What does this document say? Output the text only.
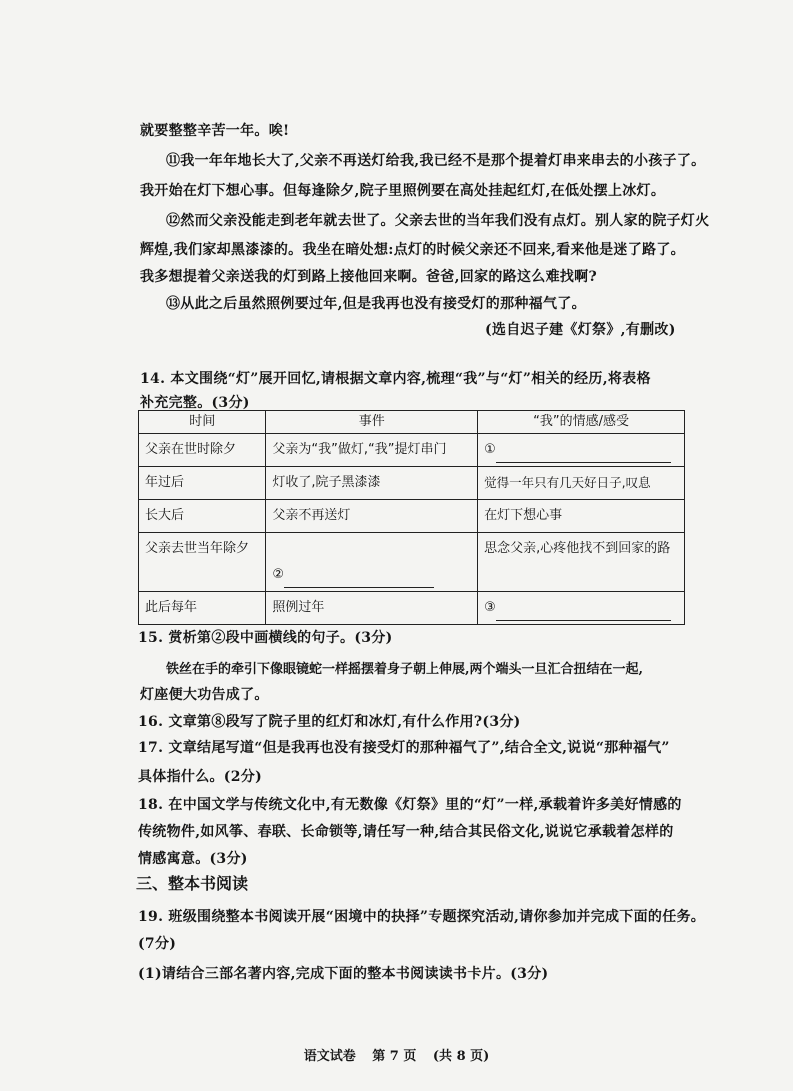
就要整整辛苦一年。唉!
⑪我一年年地长大了,父亲不再送灯给我,我已经不是那个提着灯串来串去的小孩子了。
我开始在灯下想心事。但每逢除夕,院子里照例要在高处挂起红灯,在低处摆上冰灯。
⑫然而父亲没能走到老年就去世了。父亲去世的当年我们没有点灯。别人家的院子灯火
辉煌,我们家却黑漆漆的。我坐在暗处想:点灯的时候父亲还不回来,看来他是迷了路了。
我多想提着父亲送我的灯到路上接他回来啊。爸爸,回家的路这么难找啊?
⑬从此之后虽然照例要过年,但是我再也没有接受灯的那种福气了。
(选自迟子建《灯祭》,有删改)
14. 本文围绕“灯”展开回忆,请根据文章内容,梳理“我”与“灯”相关的经历,将表格
补充完整。(3分)
时间	事件	“我”的情感/感受
父亲在世时除夕	父亲为“我”做灯,“我”提灯串门	①
年过后	灯收了,院子黑漆漆	觉得一年只有几天好日子,叹息
长大后	父亲不再送灯	在灯下想心事
父亲去世当年除夕	②	思念父亲,心疼他找不到回家的路
此后每年	照例过年	③
15. 赏析第②段中画横线的句子。(3分)
铁丝在手的牵引下像眼镜蛇一样摇摆着身子朝上伸展,两个端头一旦汇合扭结在一起,
灯座便大功告成了。
16. 文章第⑧段写了院子里的红灯和冰灯,有什么作用?(3分)
17. 文章结尾写道“但是我再也没有接受灯的那种福气了”,结合全文,说说“那种福气”
具体指什么。(2分)
18. 在中国文学与传统文化中,有无数像《灯祭》里的“灯”一样,承载着许多美好情感的
传统物件,如风筝、春联、长命锁等,请任写一种,结合其民俗文化,说说它承载着怎样的
情感寓意。(3分)
三、整本书阅读
19. 班级围绕整本书阅读开展“困境中的抉择”专题探究活动,请你参加并完成下面的任务。
(7分)
(1)请结合三部名著内容,完成下面的整本书阅读读书卡片。(3分)
语文试卷 第 7 页 (共 8 页)
